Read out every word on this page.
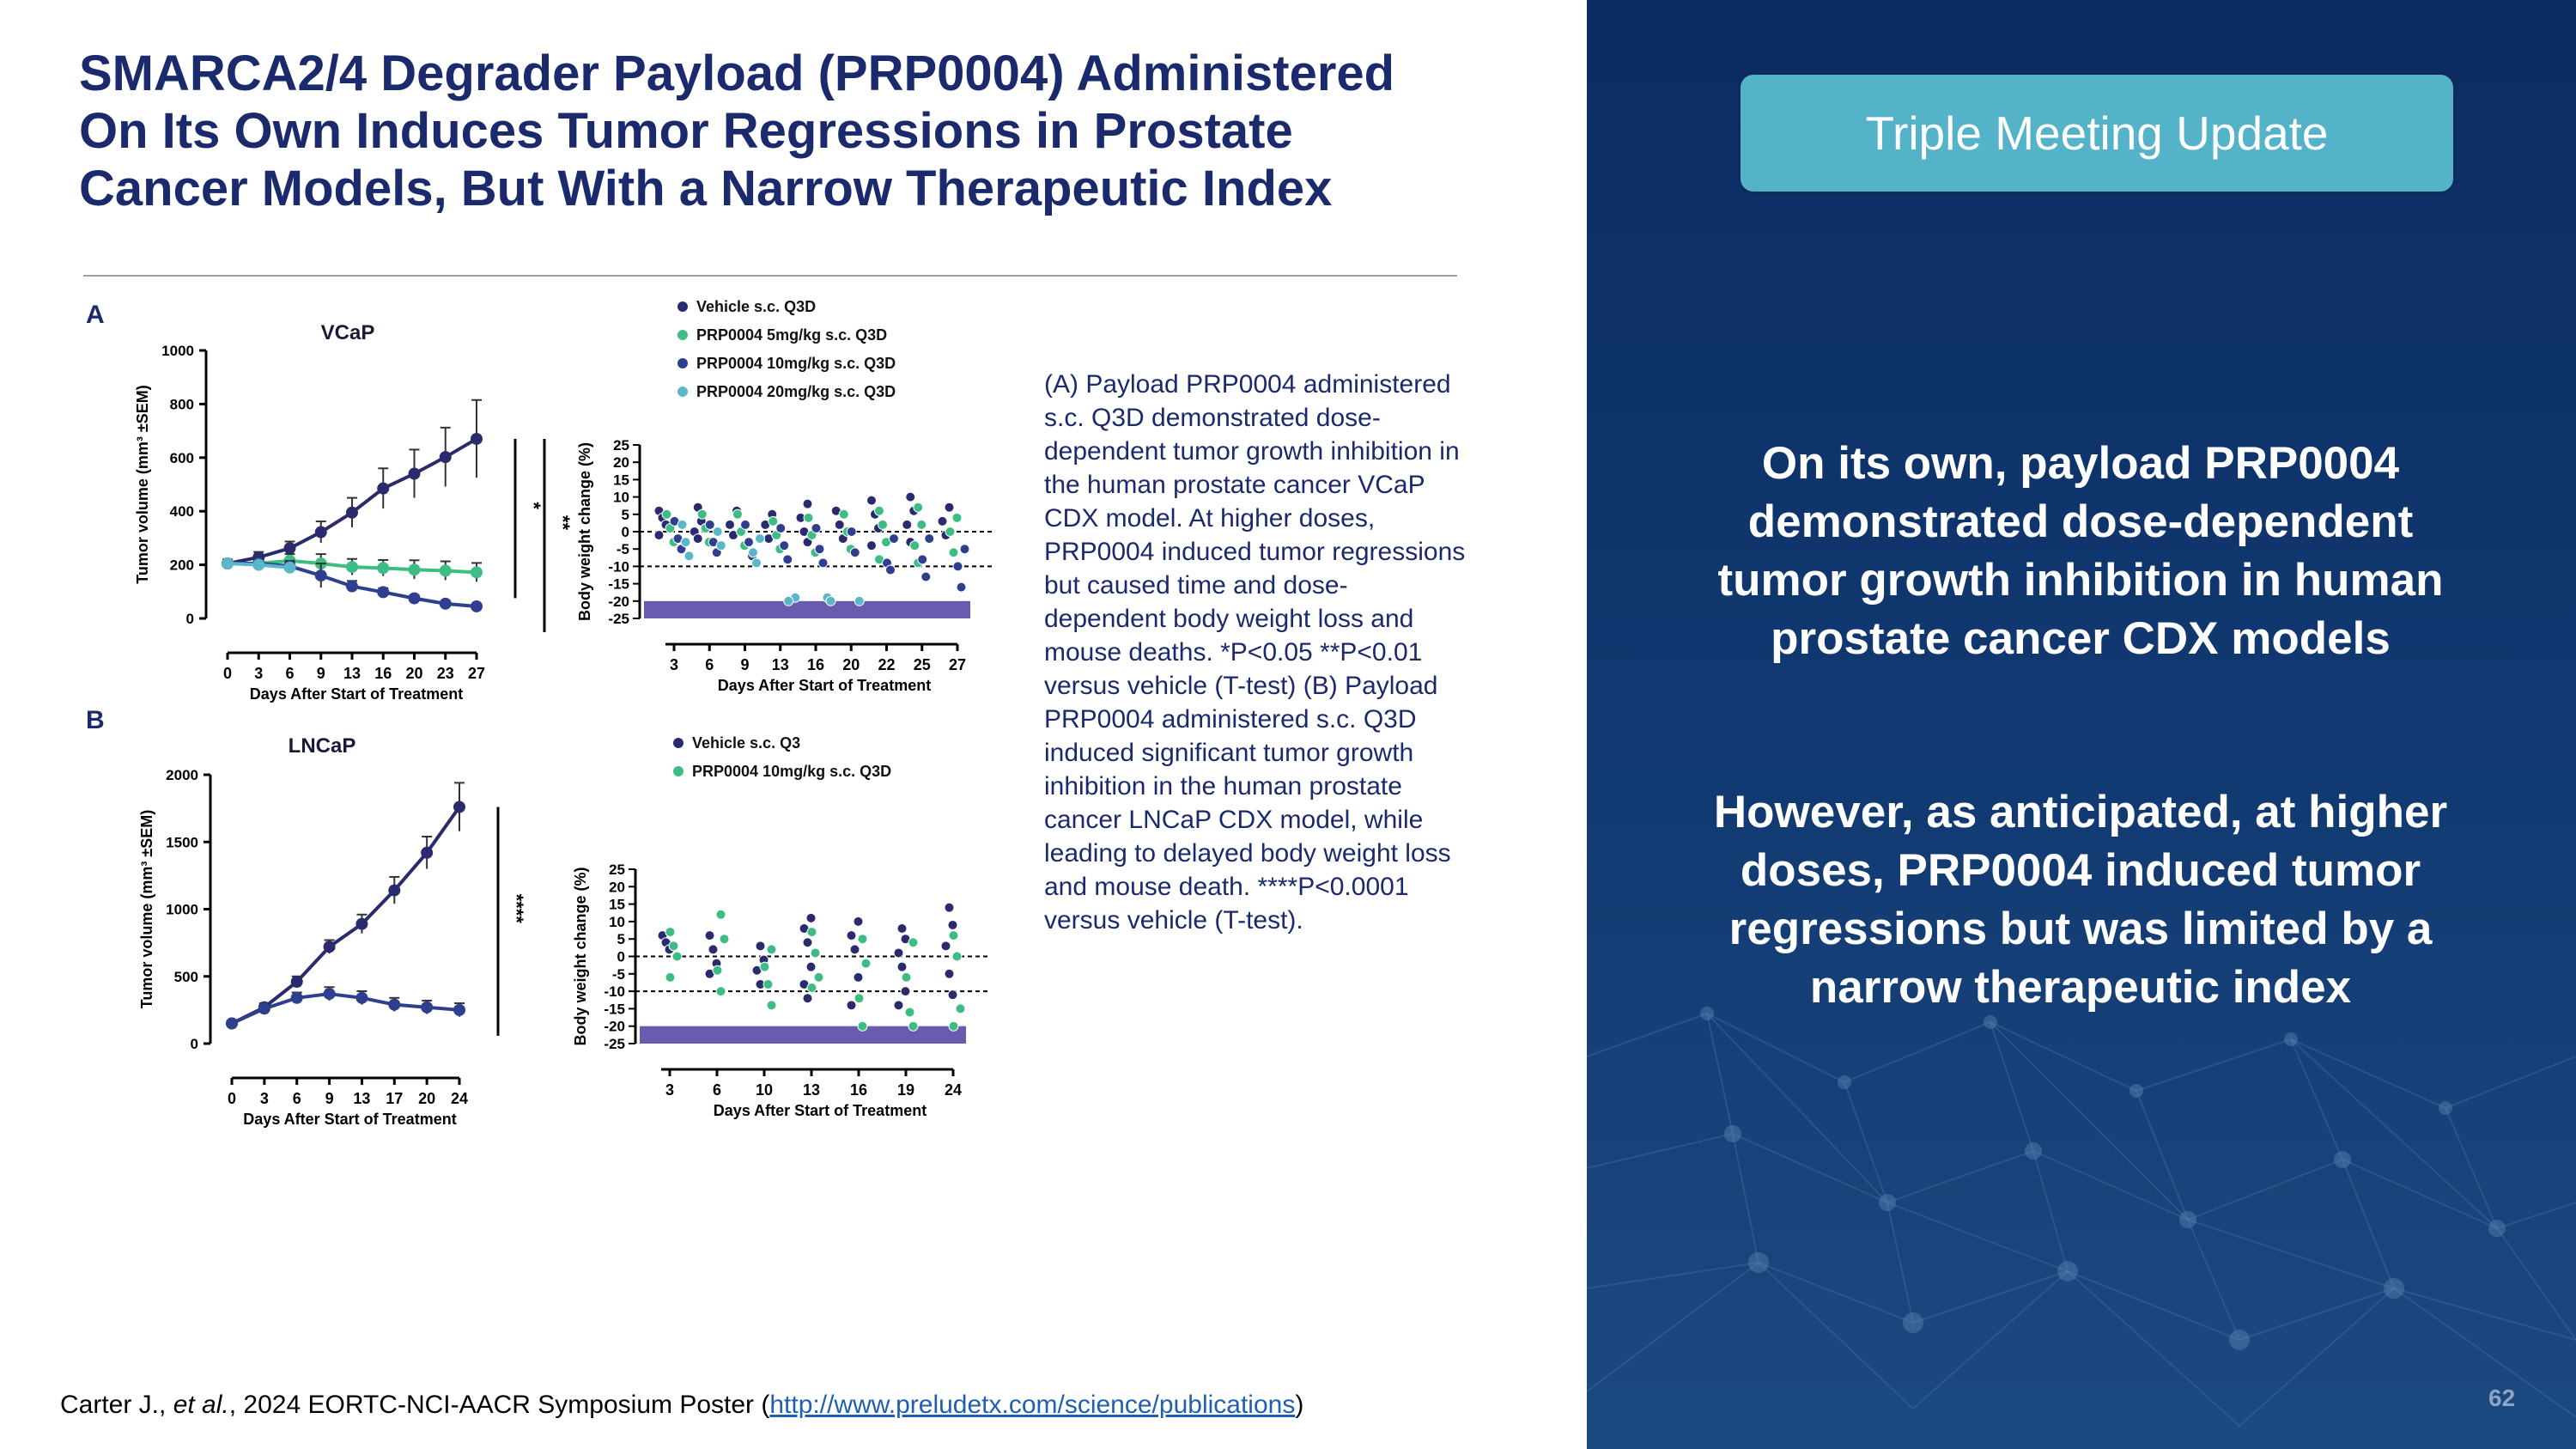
SMARCA2/4 Degrader Payload (PRP0004) Administered
On Its Own Induces Tumor Regressions in Prostate
Cancer Models, But With a Narrow Therapeutic Index
A
0
200
400
600
800
1000
0 3 6 9 13 16 20 23 27
Days After Start of Treatment
Tumor volume (mm³ ±SEM)
VCaP
*
**
25
20
15
10
5
0
-5
-10
-15
-20
-25
3 6 9 13 16 20 22 25 27
Days After Start of Treatment
Body weight change (%)
Vehicle s.c. Q3D
PRP0004 5mg/kg s.c. Q3D
PRP0004 10mg/kg s.c. Q3D
PRP0004 20mg/kg s.c. Q3D
B
0
500
1000
1500
2000
0 3 6 9 13 17 20 24
Days After Start of Treatment
Tumor volume (mm³ ±SEM)
LNCaP
****
25
20
15
10
5
0
-5
-10
-15
-20
-25
3 6 10 13 16 19 24
Days After Start of Treatment
Body weight change (%)
Vehicle s.c. Q3
PRP0004 10mg/kg s.c. Q3D
(A) Payload PRP0004 administered
s.c. Q3D demonstrated dose-
dependent tumor growth inhibition in
the human prostate cancer VCaP
CDX model. At higher doses,
PRP0004 induced tumor regressions
but caused time and dose-
dependent body weight loss and
mouse deaths. *P<0.05 **P<0.01
versus vehicle (T-test) (B) Payload
PRP0004 administered s.c. Q3D
induced significant tumor growth
inhibition in the human prostate
cancer LNCaP CDX model, while
leading to delayed body weight loss
and mouse death. ****P<0.0001
versus vehicle (T-test).
Carter J., et al., 2024 EORTC-NCI-AACR Symposium Poster (http://www.preludetx.com/science/publications)
Triple Meeting Update
On its own, payload PRP0004
demonstrated dose-dependent
tumor growth inhibition in human
prostate cancer CDX models
However, as anticipated, at higher
doses, PRP0004 induced tumor
regressions but was limited by a
narrow therapeutic index
62
